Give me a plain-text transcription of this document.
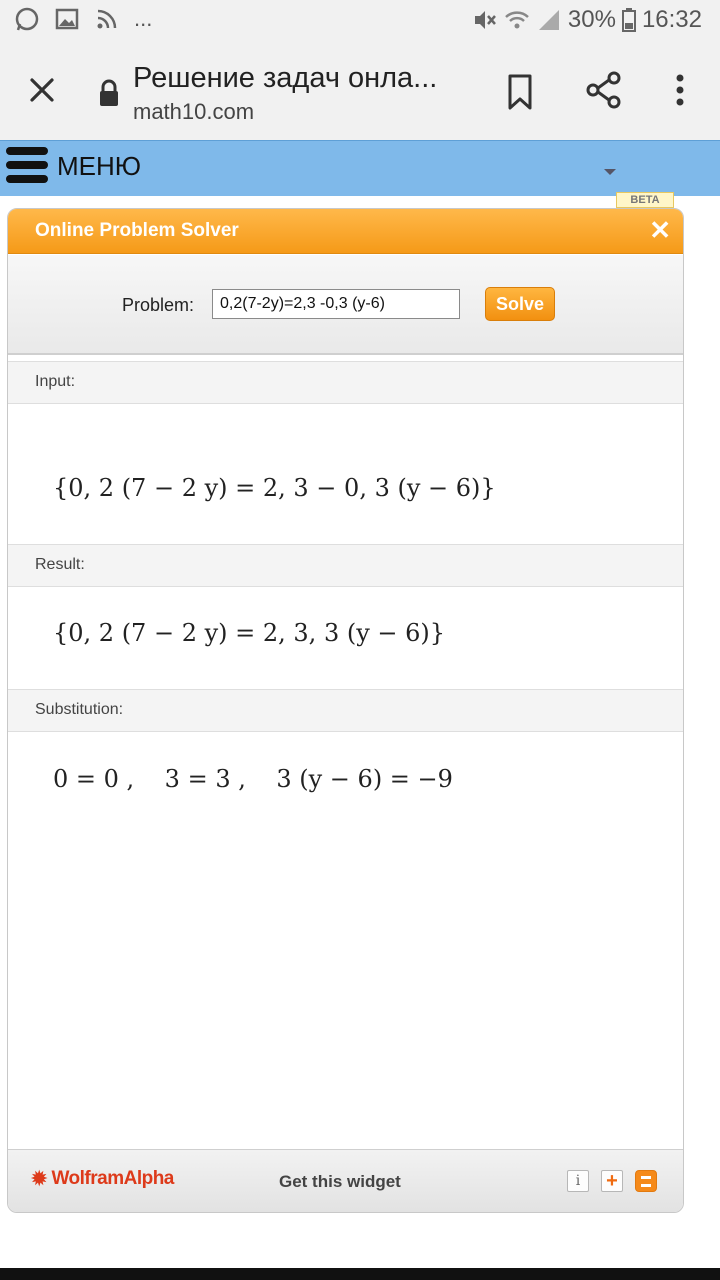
...	30% 16:32
Решение задач онла...
math10.com
МЕНЮ
BETA
Online Problem Solver	✕
Problem:
0,2(7-2y)=2,3 -0,3 (y-6)	Solve
Input:
{0, 2 (7 − 2 y) = 2, 3 − 0, 3 (y − 6)}
Result:
{0, 2 (7 − 2 y) = 2, 3, 3 (y − 6)}
Substitution:
0 = 0 ,    3 = 3 ,    3 (y − 6) = −9
✹ WolframAlpha	Get this widget	i	+
